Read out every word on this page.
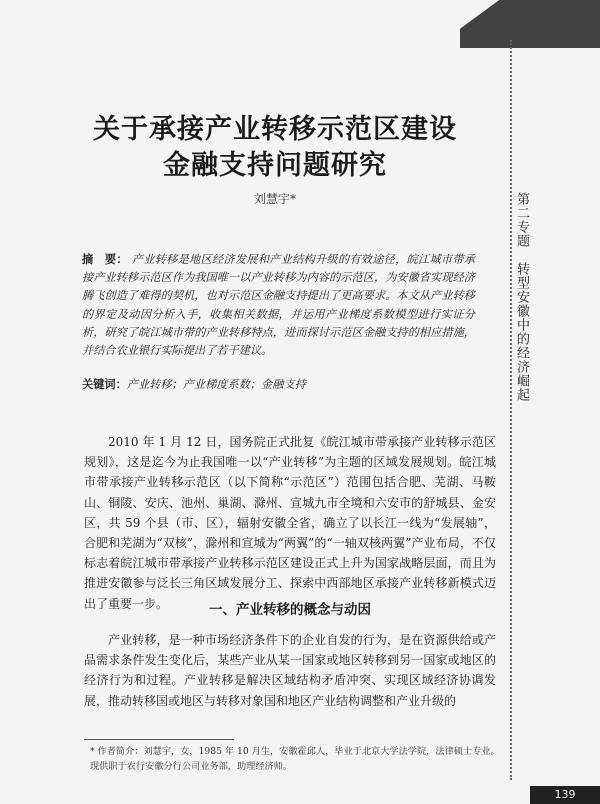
关于承接产业转移示范区建设
金融支持问题研究
刘慧宇*
摘　要： 产业转移是地区经济发展和产业结构升级的有效途径，皖江城市带承接产业转移示范区作为我国唯一以产业转移为内容的示范区，为安徽省实现经济腾飞创造了难得的契机，也对示范区金融支持提出了更高要求。本文从产业转移的界定及动因分析入手，收集相关数据，并运用产业梯度系数模型进行实证分析，研究了皖江城市带的产业转移特点，进而探讨示范区金融支持的相应措施，并结合农业银行实际提出了若干建议。
关键词：产业转移；产业梯度系数；金融支持
2010 年 1 月 12 日，国务院正式批复《皖江城市带承接产业转移示范区规划》，这是迄今为止我国唯一以“产业转移”为主题的区域发展规划。皖江城市带承接产业转移示范区（以下简称“示范区”）范围包括合肥、芜湖、马鞍山、铜陵、安庆、池州、巢湖、滁州、宣城九市全境和六安市的舒城县、金安区，共 59 个县（市、区），辐射安徽全省，确立了以长江一线为“发展轴”，合肥和芜湖为“双核”，滁州和宣城为“两翼”的“一轴双核两翼”产业布局，不仅标志着皖江城市带承接产业转移示范区建设正式上升为国家战略层面，而且为推进安徽参与泛长三角区域发展分工、探索中西部地区承接产业转移新模式迈出了重要一步。	一、产业转移的概念与动因
产业转移，是一种市场经济条件下的企业自发的行为，是在资源供给或产品需求条件发生变化后，某些产业从某一国家或地区转移到另一国家或地区的经济行为和过程。产业转移是解决区域结构矛盾冲突、实现区域经济协调发展，推动转移国或地区与转移对象国和地区产业结构调整和产业升级的
* 作者简介：刘慧宇，女，1985 年 10 月生，安徽霍邱人，毕业于北京大学法学院，法律硕士专业。现供职于农行安徽分行公司业务部，助理经济师。
第二专题　转型安徽中的经济崛起
139
